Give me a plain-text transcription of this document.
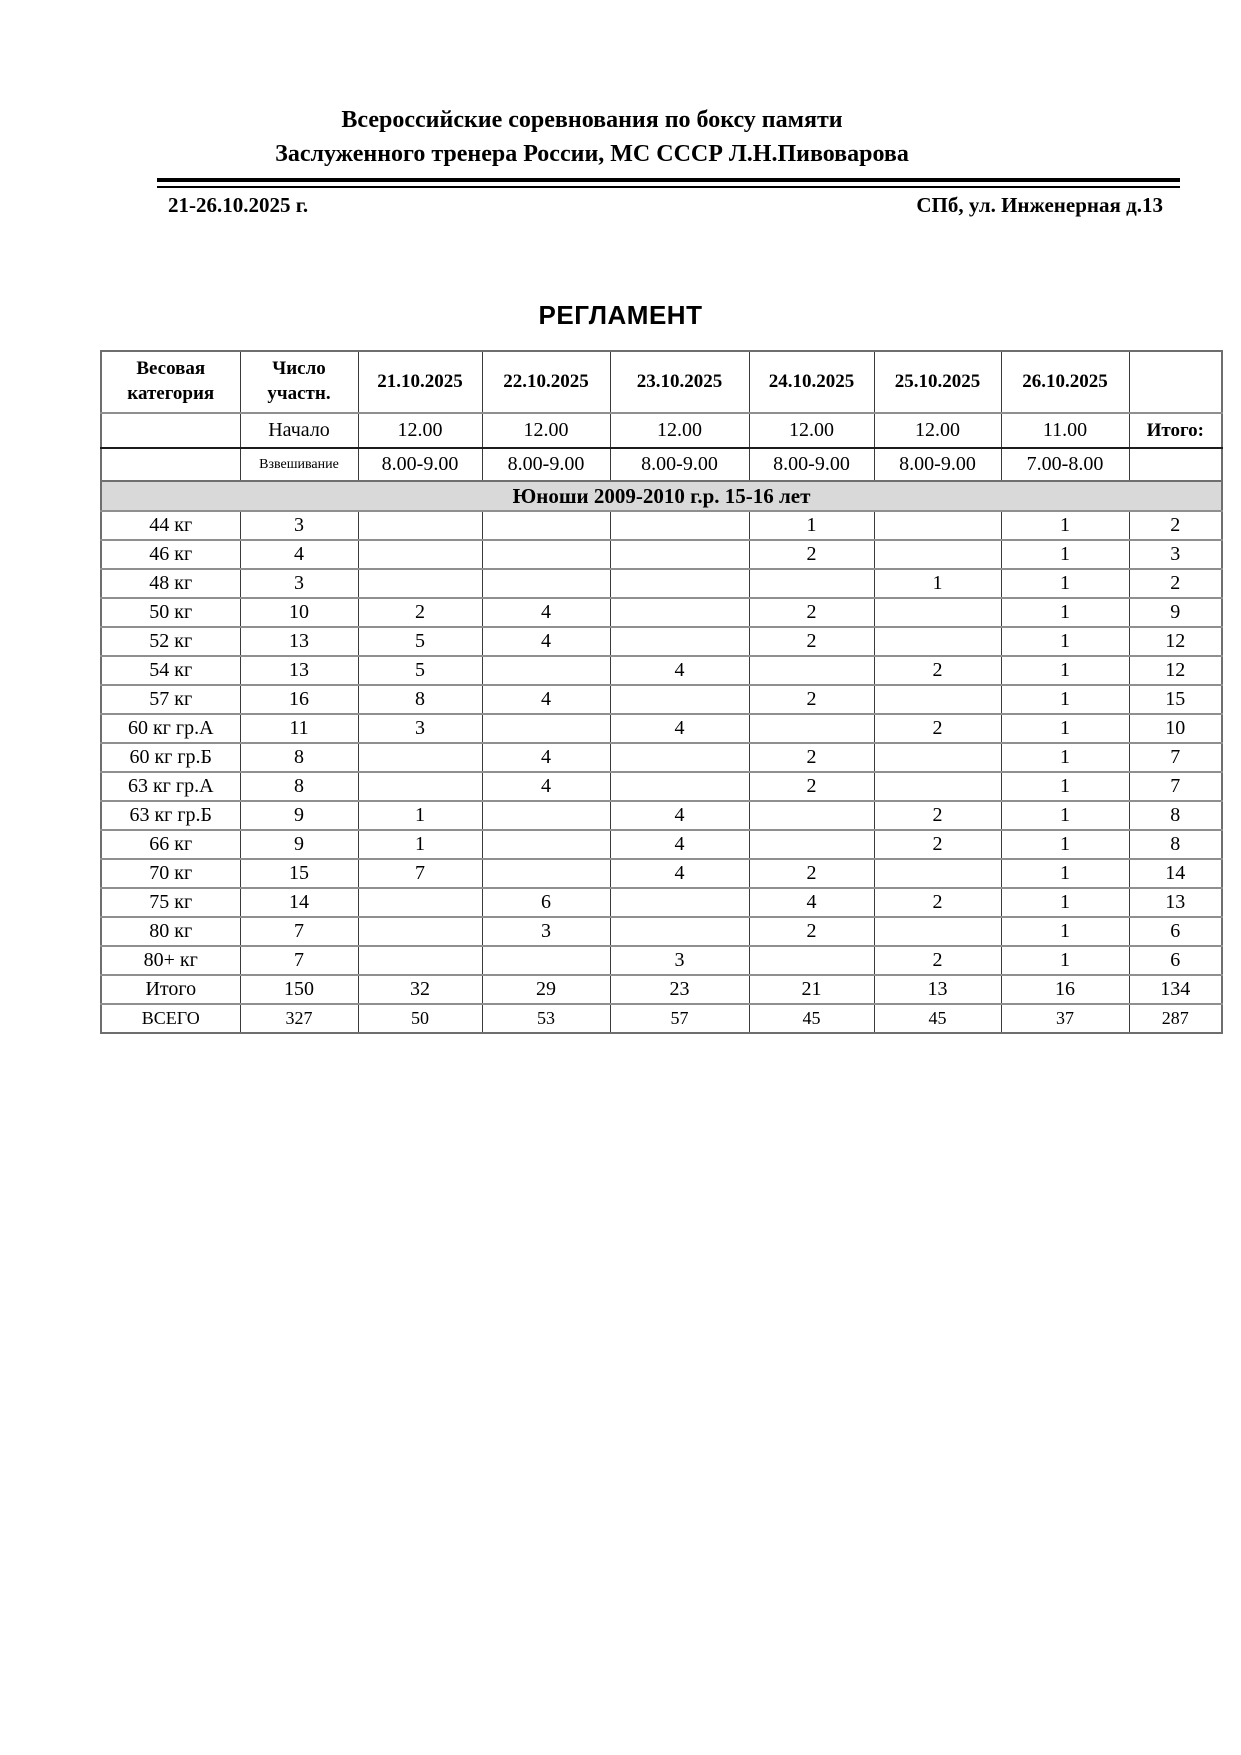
Всероссийские соревнования по боксу памяти
Заслуженного тренера России, МС СССР Л.Н.Пивоварова
21-26.10.2025 г.	СПб, ул. Инженерная д.13
РЕГЛАМЕНТ
Весовая категория	Число участн.	21.10.2025	22.10.2025	23.10.2025	24.10.2025	25.10.2025	26.10.2025	
	Начало	12.00	12.00	12.00	12.00	12.00	11.00	Итого:
	Взвешивание	8.00-9.00	8.00-9.00	8.00-9.00	8.00-9.00	8.00-9.00	7.00-8.00	
Юноши 2009-2010 г.р. 15-16 лет								
44 кг	3				1		1	2
46 кг	4				2		1	3
48 кг	3					1	1	2
50 кг	10	2	4		2		1	9
52 кг	13	5	4		2		1	12
54 кг	13	5		4		2	1	12
57 кг	16	8	4		2		1	15
60 кг гр.А	11	3		4		2	1	10
60 кг гр.Б	8		4		2		1	7
63 кг гр.А	8		4		2		1	7
63 кг гр.Б	9	1		4		2	1	8
66 кг	9	1		4		2	1	8
70 кг	15	7		4	2		1	14
75 кг	14		6		4	2	1	13
80 кг	7		3		2		1	6
80+ кг	7			3		2	1	6
Итого	150	32	29	23	21	13	16	134
ВСЕГО	327	50	53	57	45	45	37	287
